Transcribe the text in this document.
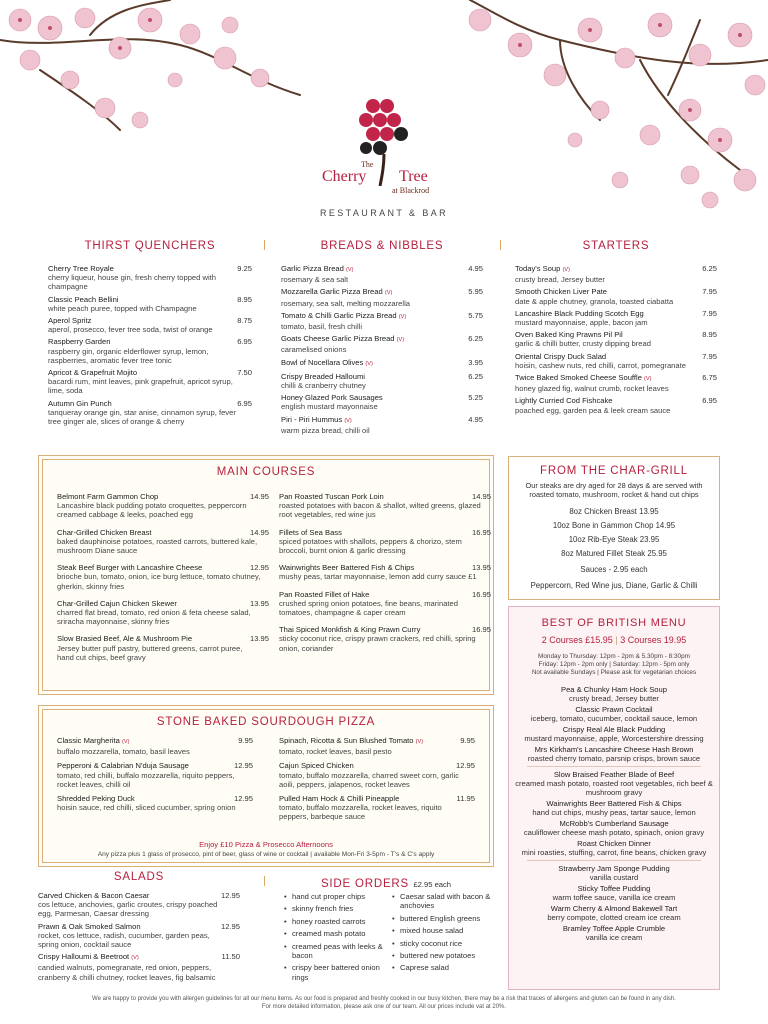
The
Cherry Tree
at Blackrod
RESTAURANT & BAR
THIRST QUENCHERS
Cherry Tree Royale	9.25
cherry liqueur, house gin, fresh cherry topped with champagne
Classic Peach Bellini	8.95
white peach puree, topped with Champagne
Aperol Spritz	8.75
aperol, prosecco, fever tree soda, twist of orange
Raspberry Garden	6.95
raspberry gin, organic elderflower syrup, lemon, raspberries, aromatic fever tree tonic
Apricot & Grapefruit Mojito	7.50
bacardi rum, mint leaves, pink grapefruit, apricot syrup, lime, soda
Autumn Gin Punch	6.95
tanqueray orange gin, star anise, cinnamon syrup, fever tree ginger ale, slices of orange & cherry
BREADS & NIBBLES
Garlic Pizza Bread (V)	4.95
rosemary & sea salt
Mozzarella Garlic Pizza Bread (V)	5.95
rosemary, sea salt, melting mozzarella
Tomato & Chilli Garlic Pizza Bread (V)	5.75
tomato, basil, fresh chilli
Goats Cheese Garlic Pizza Bread (V)	6.25
caramelised onions
Bowl of Nocellara Olives (V)	3.95
Crispy Breaded Halloumi	6.25
chilli & cranberry chutney
Honey Glazed Pork Sausages	5.25
english mustard mayonnaise
Piri - Piri Hummus (V)	4.95
warm pizza bread, chilli oil
STARTERS
Today's Soup (V)	6.25
crusty bread, Jersey butter
Smooth Chicken Liver Pate	7.95
date & apple chutney, granola, toasted ciabatta
Lancashire Black Pudding Scotch Egg	7.95
mustard mayonnaise, apple, bacon jam
Oven Baked King Prawns Pil Pil	8.95
garlic & chilli butter, crusty dipping bread
Oriental Crispy Duck Salad	7.95
hoisin, cashew nuts, red chilli, carrot, pomegranate
Twice Baked Smoked Cheese Souffle (V)	6.75
honey glazed fig, walnut crumb, rocket leaves
Lightly Curried Cod Fishcake	6.95
poached egg, garden pea & leek cream sauce
MAIN COURSES
Belmont Farm Gammon Chop	14.95
Lancashire black pudding potato croquettes, peppercorn creamed cabbage & leeks, poached egg
Char-Grilled Chicken Breast	14.95
baked dauphinoise potatoes, roasted carrots, buttered kale, mushroom Diane sauce
Steak Beef Burger with Lancashire Cheese	12.95
brioche bun, tomato, onion, ice burg lettuce, tomato chutney, gherkin, skinny fries
Char-Grilled Cajun Chicken Skewer	13.95
charred flat bread, tomato, red onion & feta cheese salad, sriracha mayonnaise, skinny fries
Slow Brasied Beef, Ale & Mushroom Pie	13.95
Jersey butter puff pastry, buttered greens, carrot puree, hand cut chips, beef gravy
Pan Roasted Tuscan Pork Loin	14.95
roasted potatoes with bacon & shallot, wilted greens, glazed root vegetables, red wine jus
Fillets of Sea Bass	16.95
spiced potatoes with shallots, peppers & chorizo, stem broccoli, burnt onion & garlic dressing
Wainwrights Beer Battered Fish & Chips	13.95
mushy peas, tartar mayonnaise, lemon add curry sauce £1
Pan Roasted Fillet of Hake	16.95
crushed spring onion potatoes, fine beans, marinated tomatoes, champagne & caper cream
Thai Spiced Monkfish & King Prawn Curry	16.95
sticky coconut rice, crispy prawn crackers, red chilli, spring onion, coriander
FROM THE CHAR-GRILL
Our steaks are dry aged for 28 days & are served with roasted tomato, mushroom, rocket & hand cut chips
8oz Chicken Breast 13.95
10oz Bone in Gammon Chop 14.95
10oz Rib-Eye Steak 23.95
8oz Matured Fillet Steak 25.95
Sauces - 2.95 each
Peppercorn, Red Wine jus, Diane, Garlic & Chilli
BEST OF BRITISH MENU
2 Courses £15.95 | 3 Courses 19.95
Monday to Thursday: 12pm - 2pm & 5.30pm - 8:30pm
Friday: 12pm - 2pm only | Saturday: 12pm - 5pm only
Not available Sundays | Please ask for vegetarian choices
Pea & Chunky Ham Hock Soup
crusty bread, Jersey butter
Classic Prawn Cocktail
iceberg, tomato, cucumber, cocktail sauce, lemon
Crispy Real Ale Black Pudding
mustard mayonnaise, apple, Worcestershire dressing
Mrs Kirkham's Lancashire Cheese Hash Brown
roasted cherry tomato, parsnip crisps, brown sauce
Slow Braised Feather Blade of Beef
creamed mash potato, roasted root vegetables, rich beef & mushroom gravy
Wainwrights Beer Battered Fish & Chips
hand cut chips, mushy peas, tartar sauce, lemon
McRobb's Cumberland Sausage
cauliflower cheese mash potato, spinach, onion gravy
Roast Chicken Dinner
mini roasties, stuffing, carrot, fine beans, chicken gravy
Strawberry Jam Sponge Pudding
vanilla custard
Sticky Toffee Pudding
warm toffee sauce, vanilla ice cream
Warm Cherry & Almond Bakewell Tart
berry compote, clotted cream ice cream
Bramley Toffee Apple Crumble
vanilla ice cream
STONE BAKED SOURDOUGH PIZZA
Classic Margherita (V)	9.95
buffalo mozzarella, tomato, basil leaves
Pepperoni & Calabrian N'duja Sausage	12.95
tomato, red chilli, buffalo mozzarella, riquito peppers, rocket leaves, chilli oil
Shredded Peking Duck	12.95
hoisin sauce, red chilli, sliced cucumber, spring onion
Spinach, Ricotta & Sun Blushed Tomato (V)	9.95
tomato, rocket leaves, basil pesto
Cajun Spiced Chicken	12.95
tomato, buffalo mozzarella, charred sweet corn, garlic aoili, peppers, jalapenos, rocket leaves
Pulled Ham Hock & Chilli Pineapple	11.95
tomato, buffalo mozzarella, rocket leaves, riquito peppers, barbeque sauce
Enjoy £10 Pizza & Prosecco Afternoons
Any pizza plus 1 glass of prosecco, pint of beer, glass of wine or cocktail | available Mon-Fri 3-5pm - T's & C's apply
SALADS
Carved Chicken & Bacon Caesar	12.95
cos lettuce, anchovies, garlic croutes, crispy poached egg, Parmesan, Caesar dressing
Prawn & Oak Smoked Salmon	12.95
rocket, cos lettuce, radish, cucumber, garden peas, spring onion, cocktail sauce
Crispy Halloumi & Beetroot (V)	11.50
candied walnuts, pomegranate, red onion, peppers, cranberry & chilli chutney, rocket leaves, fig balsamic
SIDE ORDERS £2.95 each
• hand cut proper chips
• skinny french fries
• honey roasted carrots
• creamed mash potato
• creamed peas with leeks & bacon
• crispy beer battered onion rings
• Caesar salad with bacon & anchovies
• buttered English greens
• mixed house salad
• sticky coconut rice
• buttered new potatoes
• Caprese salad
We are happy to provide you with allergen guidelines for all our menu items. As our food is prepared and freshly cooked in our busy kitchen, there may be a risk that traces of allergens and gluten can be found in any dish.
For more detailed information, please ask one of our team. All our prices include vat at 20%.
